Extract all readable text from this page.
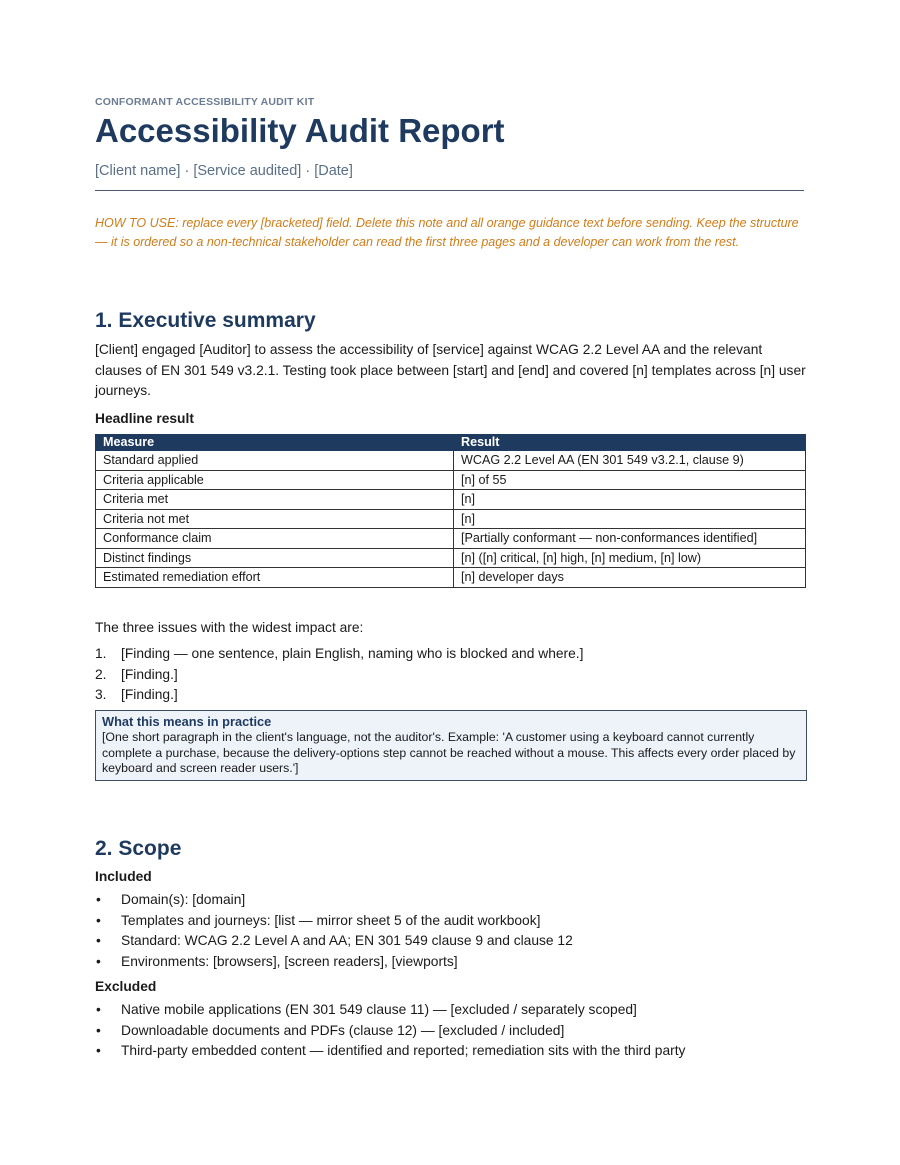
CONFORMANT ACCESSIBILITY AUDIT KIT
Accessibility Audit Report
[Client name] · [Service audited] · [Date]
HOW TO USE: replace every [bracketed] field. Delete this note and all orange guidance text before sending. Keep the structure — it is ordered so a non-technical stakeholder can read the first three pages and a developer can work from the rest.
1. Executive summary
[Client] engaged [Auditor] to assess the accessibility of [service] against WCAG 2.2 Level AA and the relevant clauses of EN 301 549 v3.2.1. Testing took place between [start] and [end] and covered [n] templates across [n] user journeys.
Headline result
Measure	Result
Standard applied	WCAG 2.2 Level AA (EN 301 549 v3.2.1, clause 9)
Criteria applicable	[n] of 55
Criteria met	[n]
Criteria not met	[n]
Conformance claim	[Partially conformant — non-conformances identified]
Distinct findings	[n] ([n] critical, [n] high, [n] medium, [n] low)
Estimated remediation effort	[n] developer days
The three issues with the widest impact are:
1. [Finding — one sentence, plain English, naming who is blocked and where.]
2. [Finding.]
3. [Finding.]
What this means in practice
[One short paragraph in the client's language, not the auditor's. Example: 'A customer using a keyboard cannot currently complete a purchase, because the delivery-options step cannot be reached without a mouse. This affects every order placed by keyboard and screen reader users.']
2. Scope
Included
• Domain(s): [domain]
• Templates and journeys: [list — mirror sheet 5 of the audit workbook]
• Standard: WCAG 2.2 Level A and AA; EN 301 549 clause 9 and clause 12
• Environments: [browsers], [screen readers], [viewports]
Excluded
• Native mobile applications (EN 301 549 clause 11) — [excluded / separately scoped]
• Downloadable documents and PDFs (clause 12) — [excluded / included]
• Third-party embedded content — identified and reported; remediation sits with the third party
